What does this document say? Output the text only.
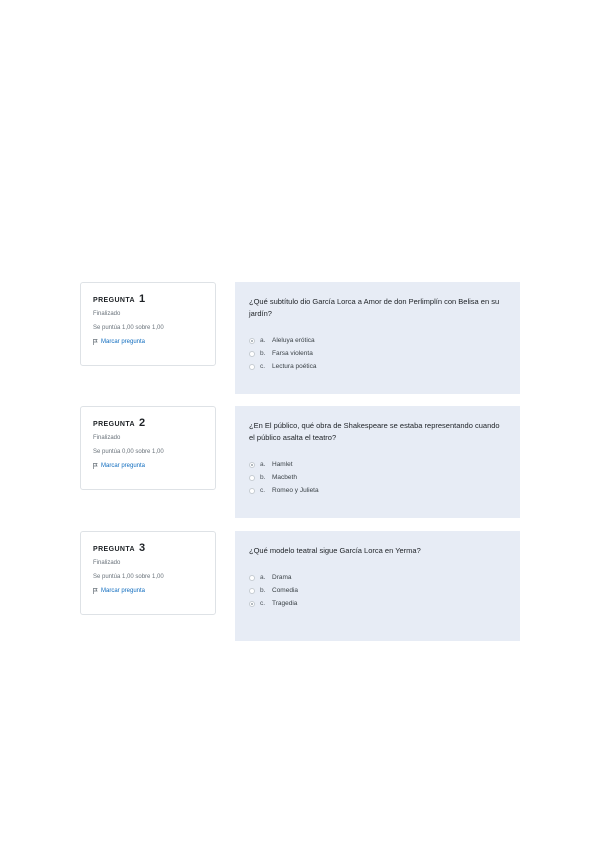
PREGUNTA 1
Finalizado
Se puntúa 1,00 sobre 1,00
Marcar pregunta
¿Qué subtítulo dio García Lorca a Amor de don Perlimplín con Belisa en su jardín?
a.	Aleluya erótica
b.	Farsa violenta
c.	Lectura poética
PREGUNTA 2
Finalizado
Se puntúa 0,00 sobre 1,00
Marcar pregunta
¿En El público, qué obra de Shakespeare se estaba representando cuando el público asalta el teatro?
a.	Hamlet
b.	Macbeth
c.	Romeo y Julieta
PREGUNTA 3
Finalizado
Se puntúa 1,00 sobre 1,00
Marcar pregunta
¿Qué modelo teatral sigue García Lorca en Yerma?
a.	Drama
b.	Comedia
c.	Tragedia
